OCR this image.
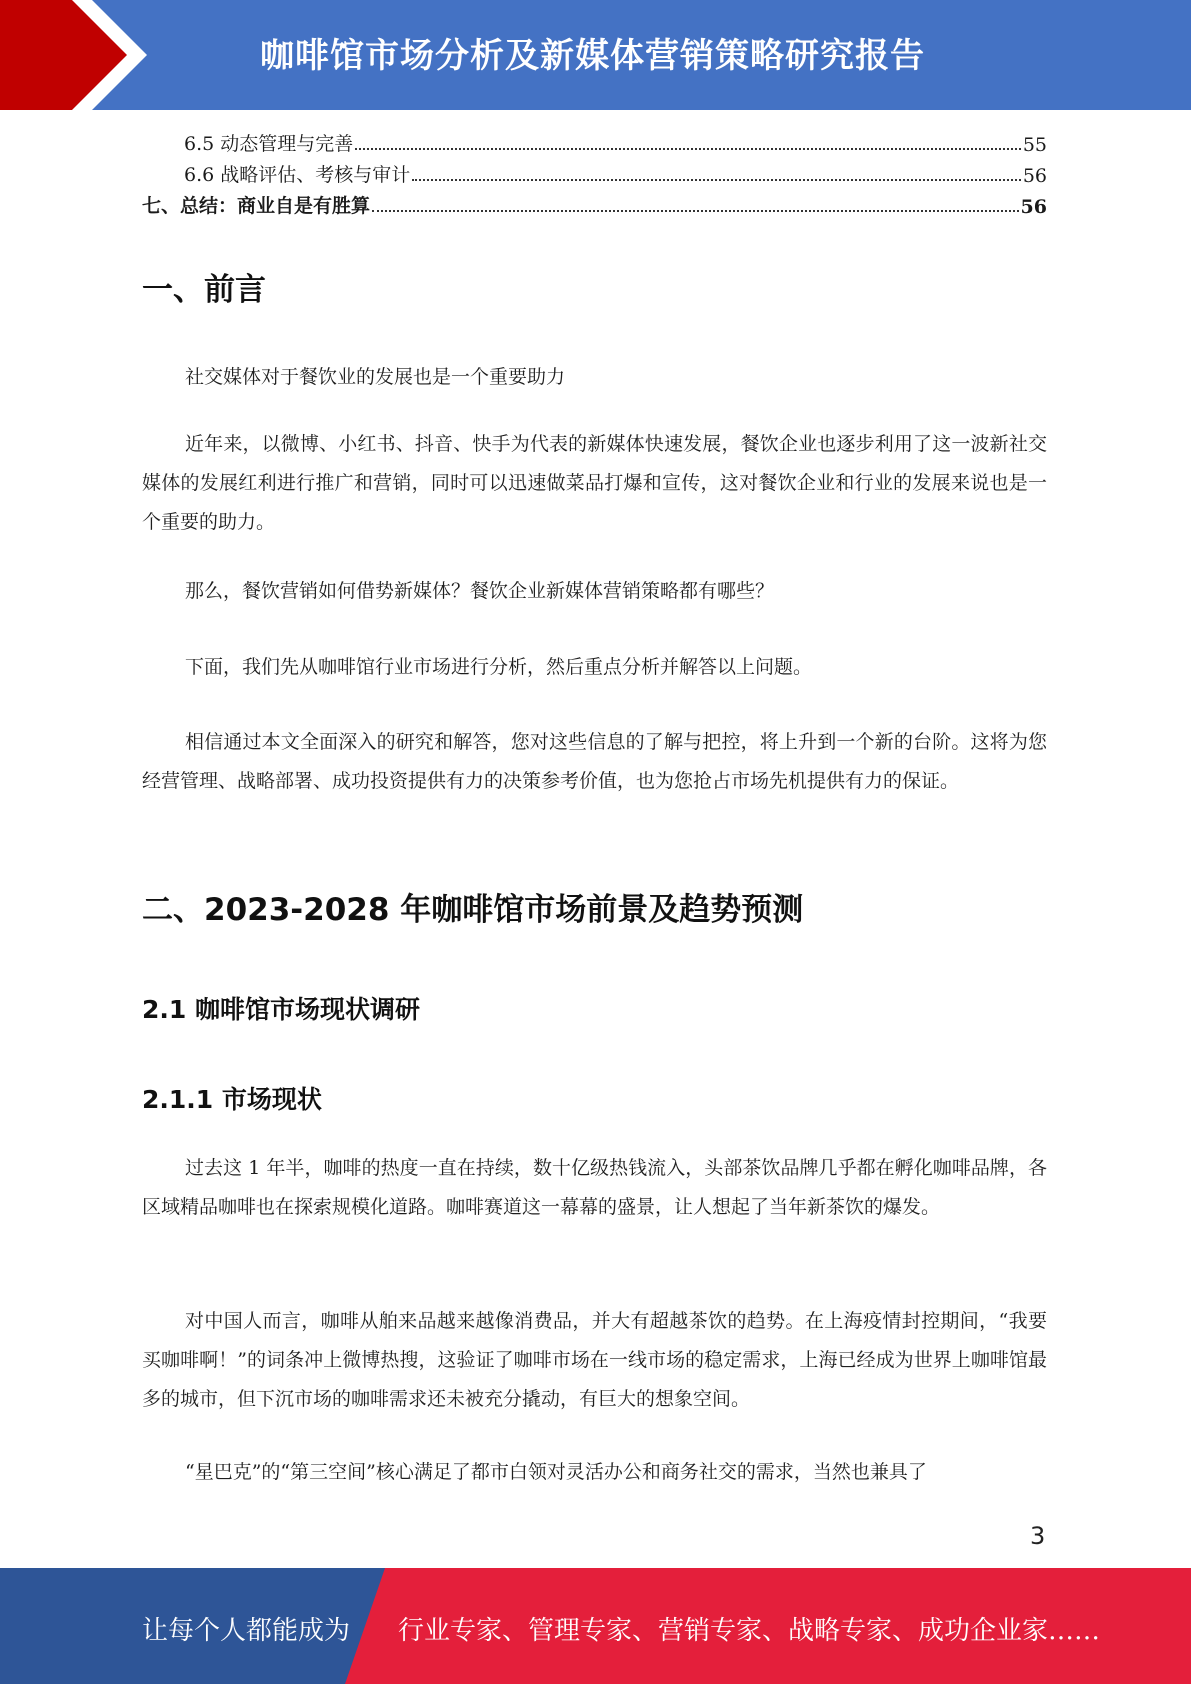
咖啡馆市场分析及新媒体营销策略研究报告
6.5 动态管理与完善	55
6.6 战略评估、考核与审计	56
七、总结：商业自是有胜算	56
一、前言
社交媒体对于餐饮业的发展也是一个重要助力
近年来，以微博、小红书、抖音、快手为代表的新媒体快速发展，餐饮企业也逐步利用了这一波新社交媒体的发展红利进行推广和营销，同时可以迅速做菜品打爆和宣传，这对餐饮企业和行业的发展来说也是一个重要的助力。
那么，餐饮营销如何借势新媒体？餐饮企业新媒体营销策略都有哪些？
下面，我们先从咖啡馆行业市场进行分析，然后重点分析并解答以上问题。
相信通过本文全面深入的研究和解答，您对这些信息的了解与把控，将上升到一个新的台阶。这将为您经营管理、战略部署、成功投资提供有力的决策参考价值，也为您抢占市场先机提供有力的保证。
二、2023-2028 年咖啡馆市场前景及趋势预测
2.1 咖啡馆市场现状调研
2.1.1 市场现状
过去这 1 年半，咖啡的热度一直在持续，数十亿级热钱流入，头部茶饮品牌几乎都在孵化咖啡品牌，各区域精品咖啡也在探索规模化道路。咖啡赛道这一幕幕的盛景，让人想起了当年新茶饮的爆发。
对中国人而言，咖啡从舶来品越来越像消费品，并大有超越茶饮的趋势。在上海疫情封控期间，“我要买咖啡啊！”的词条冲上微博热搜，这验证了咖啡市场在一线市场的稳定需求，上海已经成为世界上咖啡馆最多的城市，但下沉市场的咖啡需求还未被充分撬动，有巨大的想象空间。
“星巴克”的“第三空间”核心满足了都市白领对灵活办公和商务社交的需求，当然也兼具了
3
让每个人都能成为 行业专家、管理专家、营销专家、战略专家、成功企业家……
